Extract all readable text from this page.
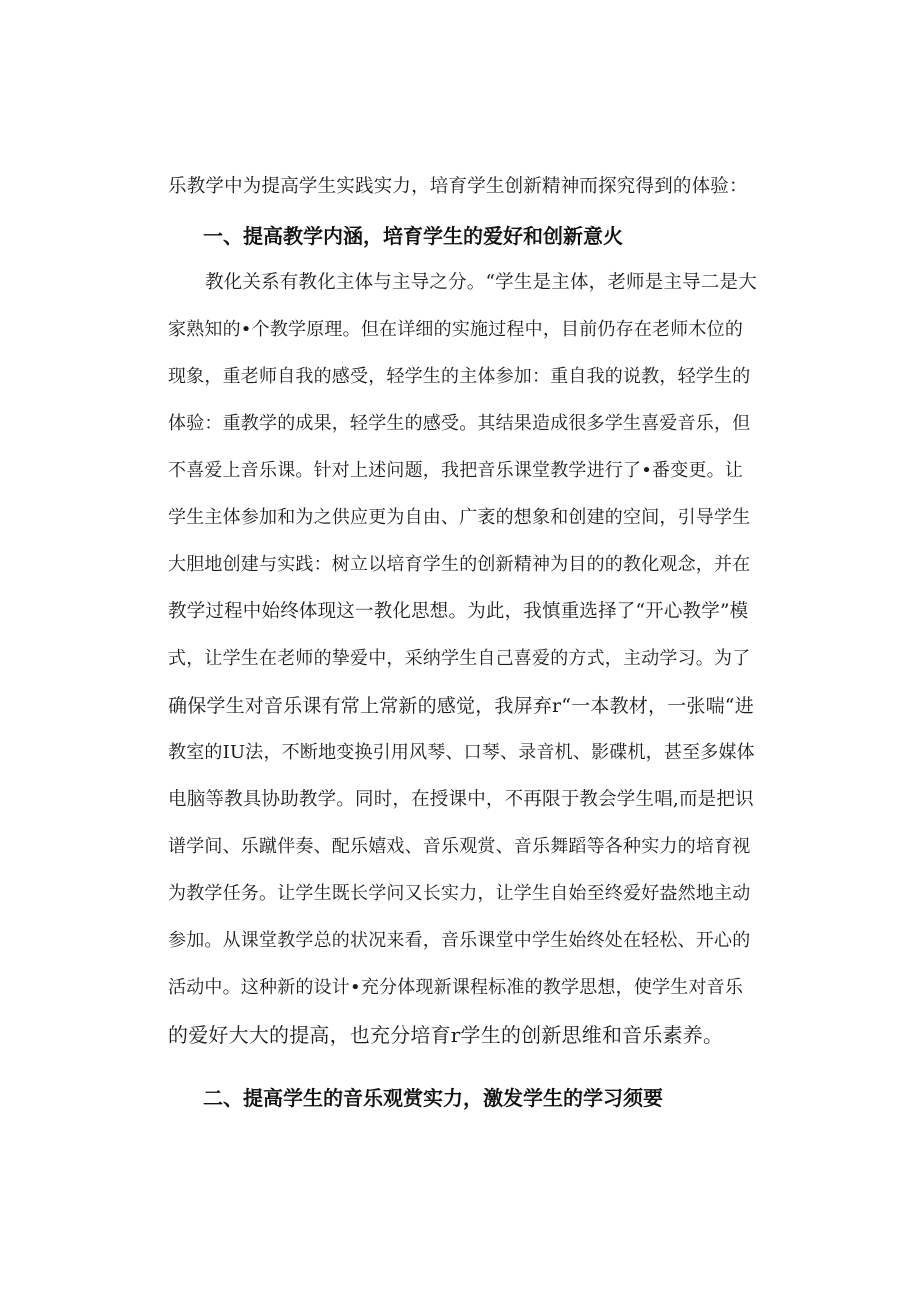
乐教学中为提高学生实践实力，培育学生创新精神而探究得到的体验：
一、提高教学内涵，培育学生的爱好和创新意火
教化关系有教化主体与主导之分。“学生是主体，老师是主导二是大
家熟知的•个教学原理。但在详细的实施过程中，目前仍存在老师木位的
现象，重老师自我的感受，轻学生的主体参加：重自我的说教，轻学生的
体验：重教学的成果，轻学生的感受。其结果造成很多学生喜爱音乐，但
不喜爱上音乐课。针对上述问题，我把音乐课堂教学进行了•番变更。让
学生主体参加和为之供应更为自由、广袤的想象和创建的空间，引导学生
大胆地创建与实践：树立以培育学生的创新精神为目的的教化观念，并在
教学过程中始终体现这一教化思想。为此，我慎重选择了“开心教学”模
式，让学生在老师的挚爱中，采纳学生自己喜爱的方式，主动学习。为了
确保学生对音乐课有常上常新的感觉，我屏弃r“一本教材，一张喘“进
教室的IU法，不断地变换引用风琴、口琴、录音机、影碟机，甚至多媒体
电脑等教具协助教学。同时，在授课中，不再限于教会学生唱,而是把识
谱学间、乐蹴伴奏、配乐嬉戏、音乐观赏、音乐舞蹈等各种实力的培育视
为教学任务。让学生既长学问又长实力，让学生自始至终爱好盎然地主动
参加。从课堂教学总的状况来看，音乐课堂中学生始终处在轻松、开心的
活动中。这种新的设计•充分体现新课程标准的教学思想，使学生对音乐
的爱好大大的提高，也充分培育r学生的创新思维和音乐素养。
二、提高学生的音乐观赏实力，激发学生的学习须要
